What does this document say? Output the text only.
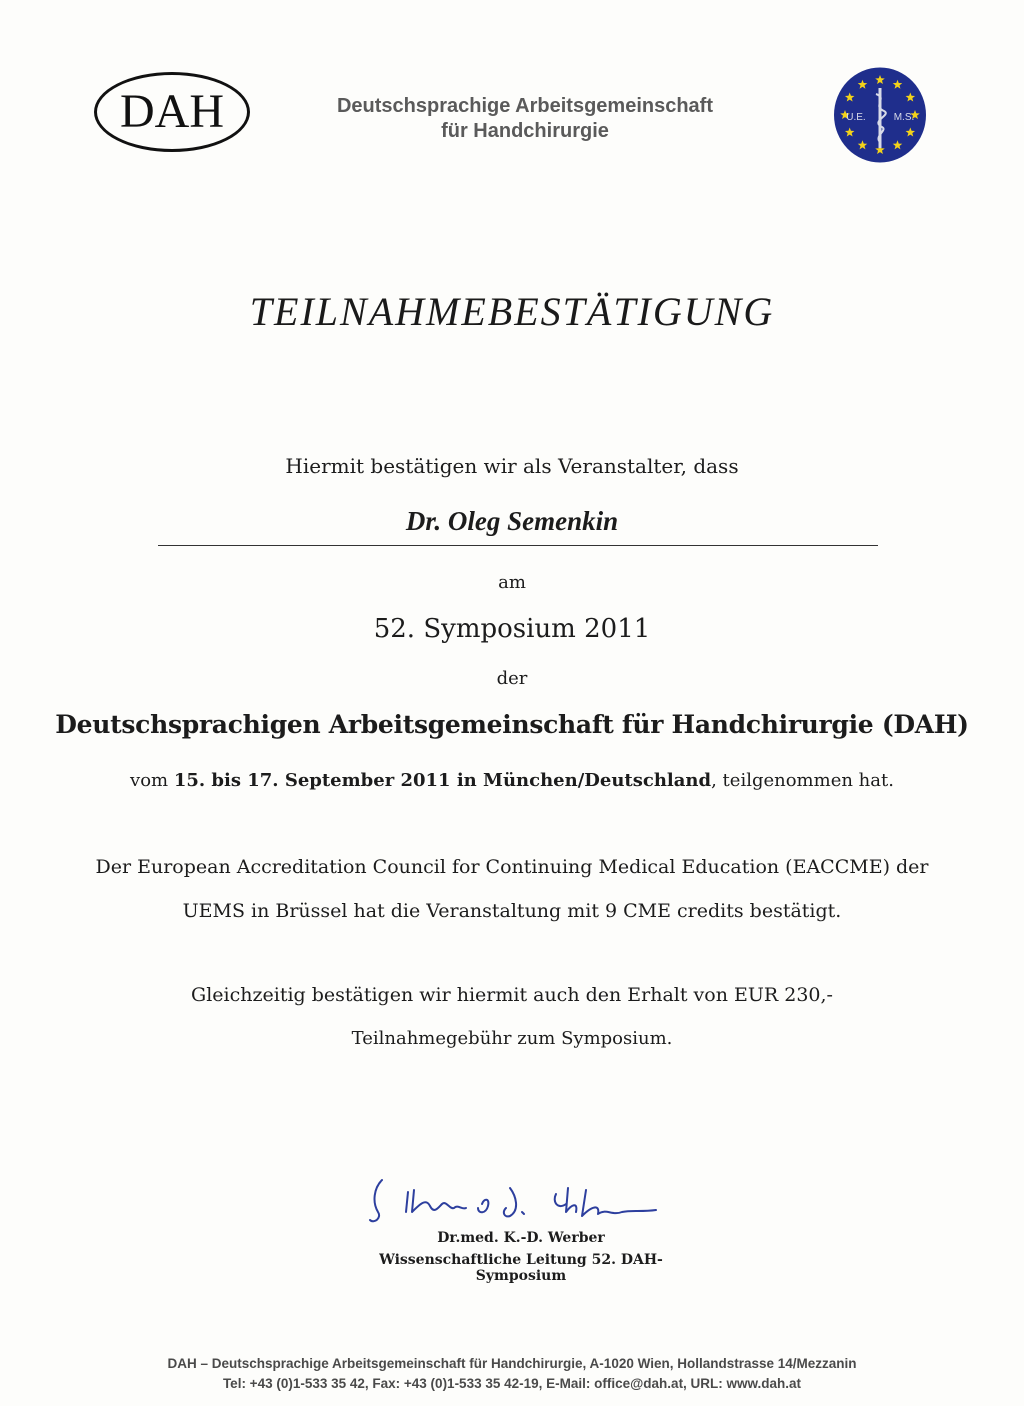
DAH	Deutschsprachige Arbeitsgemeinschaft
für Handchirurgie
U.E.	M.S.
TEILNAHMEBESTÄTIGUNG
Hiermit bestätigen wir als Veranstalter, dass
Dr. Oleg Semenkin
am
52. Symposium 2011
der
Deutschsprachigen Arbeitsgemeinschaft für Handchirurgie (DAH)
vom 15. bis 17. September 2011 in München/Deutschland, teilgenommen hat.
Der European Accreditation Council for Continuing Medical Education (EACCME) der
UEMS in Brüssel hat die Veranstaltung mit 9 CME credits bestätigt.
Gleichzeitig bestätigen wir hiermit auch den Erhalt von EUR 230,-
Teilnahmegebühr zum Symposium.
Dr.med. K.-D. Werber
Wissenschaftliche Leitung 52. DAH-Symposium
DAH – Deutschsprachige Arbeitsgemeinschaft für Handchirurgie, A-1020 Wien, Hollandstrasse 14/Mezzanin
Tel: +43 (0)1-533 35 42, Fax: +43 (0)1-533 35 42-19, E-Mail: office@dah.at, URL: www.dah.at
